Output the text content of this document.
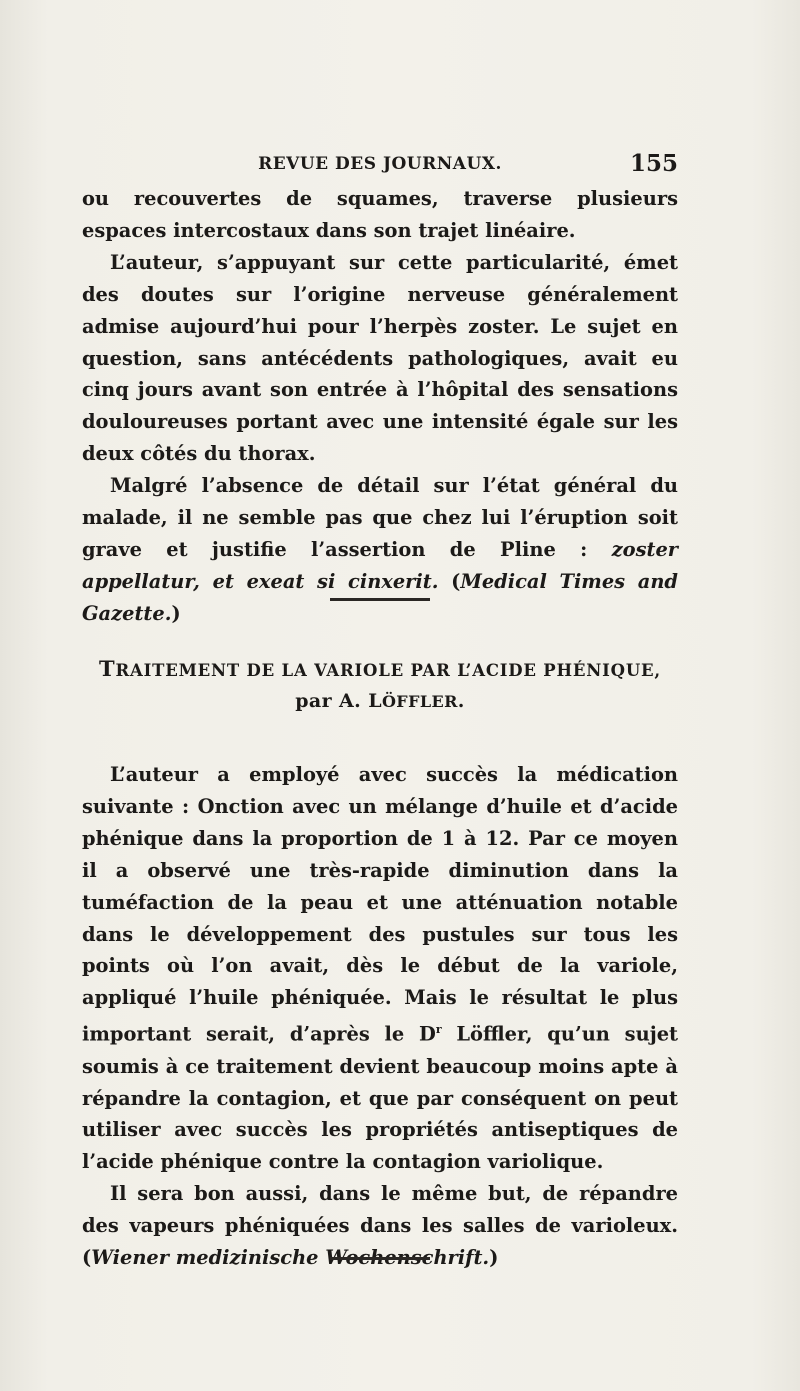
REVUE DES JOURNAUX.	155

ou recouvertes de squames, traverse plusieurs espaces intercostaux dans son trajet linéaire.

L’auteur, s’appuyant sur cette particularité, émet des doutes sur l’origine nerveuse généralement admise aujourd’hui pour l’herpès zoster. Le sujet en question, sans antécédents pathologiques, avait eu cinq jours avant son entrée à l’hôpital des sensations douloureuses portant avec une intensité égale sur les deux côtés du thorax.

Malgré l’absence de détail sur l’état général du malade, il ne semble pas que chez lui l’éruption soit grave et justifie l’assertion de Pline : zoster appellatur, et exeat si cinxerit. (Medical Times and Gazette.)

TRAITEMENT DE LA VARIOLE PAR L’ACIDE PHÉNIQUE,
par A. LÖFFLER.

L’auteur a employé avec succès la médication suivante : Onction avec un mélange d’huile et d’acide phénique dans la proportion de 1 à 12. Par ce moyen il a observé une très-rapide diminution dans la tuméfaction de la peau et une atténuation notable dans le développement des pustules sur tous les points où l’on avait, dès le début de la variole, appliqué l’huile phéniquée. Mais le résultat le plus important serait, d’après le $D^r$ Löffler, qu’un sujet soumis à ce traitement devient beaucoup moins apte à répandre la contagion, et que par conséquent on peut utiliser avec succès les propriétés antiseptiques de l’acide phénique contre la contagion variolique.

Il sera bon aussi, dans le même but, de répandre des vapeurs phéniquées dans les salles de varioleux. (Wiener medizinische Wochenschrift.)
